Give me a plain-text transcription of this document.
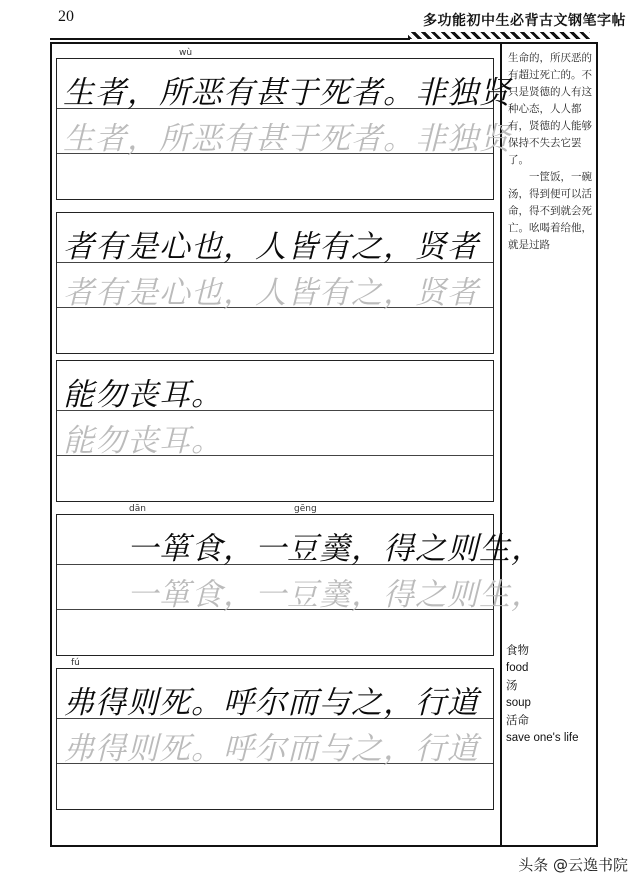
20	多功能初中生必背古文钢笔字帖
wù
生者，所恶有甚于死者。非独贤
生者，所恶有甚于死者。非独贤
者有是心也，人皆有之，贤者
者有是心也，人皆有之，贤者
能勿丧耳。
能勿丧耳。
dān	gēng
一箪食，一豆羹，得之则生，
一箪食，一豆羹，得之则生，
fú
弗得则死。呼尔而与之，行道
弗得则死。呼尔而与之，行道

生命的，所厌恶的有超过死亡的。不只是贤德的人有这种心态，人人都有，贤德的人能够保持不失去它罢了。

一筐饭，一碗汤，得到便可以活命，得不到就会死亡。吆喝着给他，就是过路

食物
food
汤
soup
活命
save one's life
头条 @云逸书院
